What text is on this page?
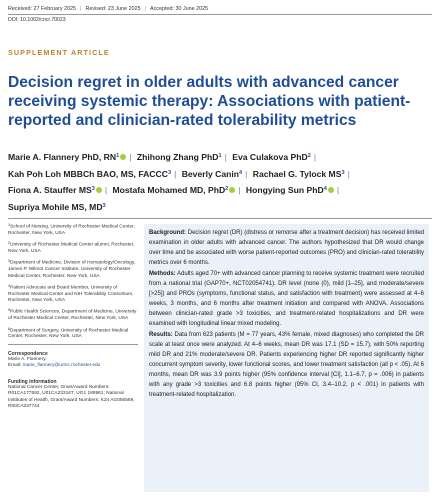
Received: 27 February 2025 | Revised: 23 June 2025 | Accepted: 30 June 2025
DOI: 10.1002/cncr.70023
SUPPLEMENT ARTICLE
Decision regret in older adults with advanced cancer receiving systemic therapy: Associations with patient-reported and clinician-rated tolerability metrics
Marie A. Flannery PhD, $RN^1$ | Zhihong Zhang PhD$^1$ | Eva Culakova PhD$^2$ |
Kah Poh Loh MBBCh BAO, MS, FACCC$^3$ | Beverly Canin$^4$ | Rachael G. Tylock $MS^3$ |
Fiona A. Stauffer $MS^3$ | Mostafa Mohamed MD, PhD$^2$ | Hongying Sun PhD$^4$ |
Supriya Mohile MS, $MD^3$
$^1$School of Nursing, University of Rochester Medical Center, Rochester, New York, USA
$^2$University of Rochester Medical Center alumni, Rochester, New York, USA
$^3$Department of Medicine, Division of Hematology/Oncology, James P. Wilmot Cancer Institute, University of Rochester Medical Center, Rochester, New York, USA
$^4$Patient Advocate and Board Member, University of Rochester Medical Center and NIH Tolerability Consortium, Rochester, New York, USA
$^5$Public Health Sciences, Department of Medicine, University of Rochester Medical Center, Rochester, New York, USA
$^6$Department of Surgery, University of Rochester Medical Center, Rochester, New York, USA
Correspondence
Marie A. Flannery.
Email: marie_flannery@urmc.rochester.edu
Funding information
National Cancer Center, Grant/Award Numbers: R01CA177592, U01CA233167, UG1 189961; National Institutes of Health, Grant/Award Numbers: K24 AG056589, R00CA237744

Background: Decision regret (DR) (distress or remorse after a treatment decision) has received limited examination in older adults with advanced cancer. The authors hypothesized that DR would change over time and be associated with worse patient-reported outcomes (PRO) and clinician-rated tolerability metrics over 6 months.

Methods: Adults aged 70+ with advanced cancer planning to receive systemic treatment were recruited from a national trial (GAP70+, NCT02054741). DR level (none (0), mild [1–25], and moderate/severe [>25]) and PROs (symptoms, functional status, and satisfaction with treatment) were assessed at 4–6 weeks, 3 months, and 6 months after treatment initiation and compared with ANOVA. Associations between clinician-rated grade >3 toxicities, and treatment-related hospitalizations and DR were examined with longitudinal linear mixed modeling.

Results: Data from 623 patients (M = 77 years, 43% female, mixed diagnoses) who completed the DR scale at least once were analyzed. At 4–6 weeks, mean DR was 17.1 (SD = 15.7), with 50% reporting mild DR and 21% moderate/severe DR. Patients experiencing higher DR reported significantly higher concurrent symptom severity, lower functional scores, and lower treatment satisfaction (all p < .05). At 6 months, mean DR was 3.9 points higher (95% confidence interval [CI], 1.1–6.7, p = .006) in patients with any grade >3 toxicities and 6.8 points higher (95% CI, 3.4–10.2, p < .001) in patients with treatment-related hospitalization.
